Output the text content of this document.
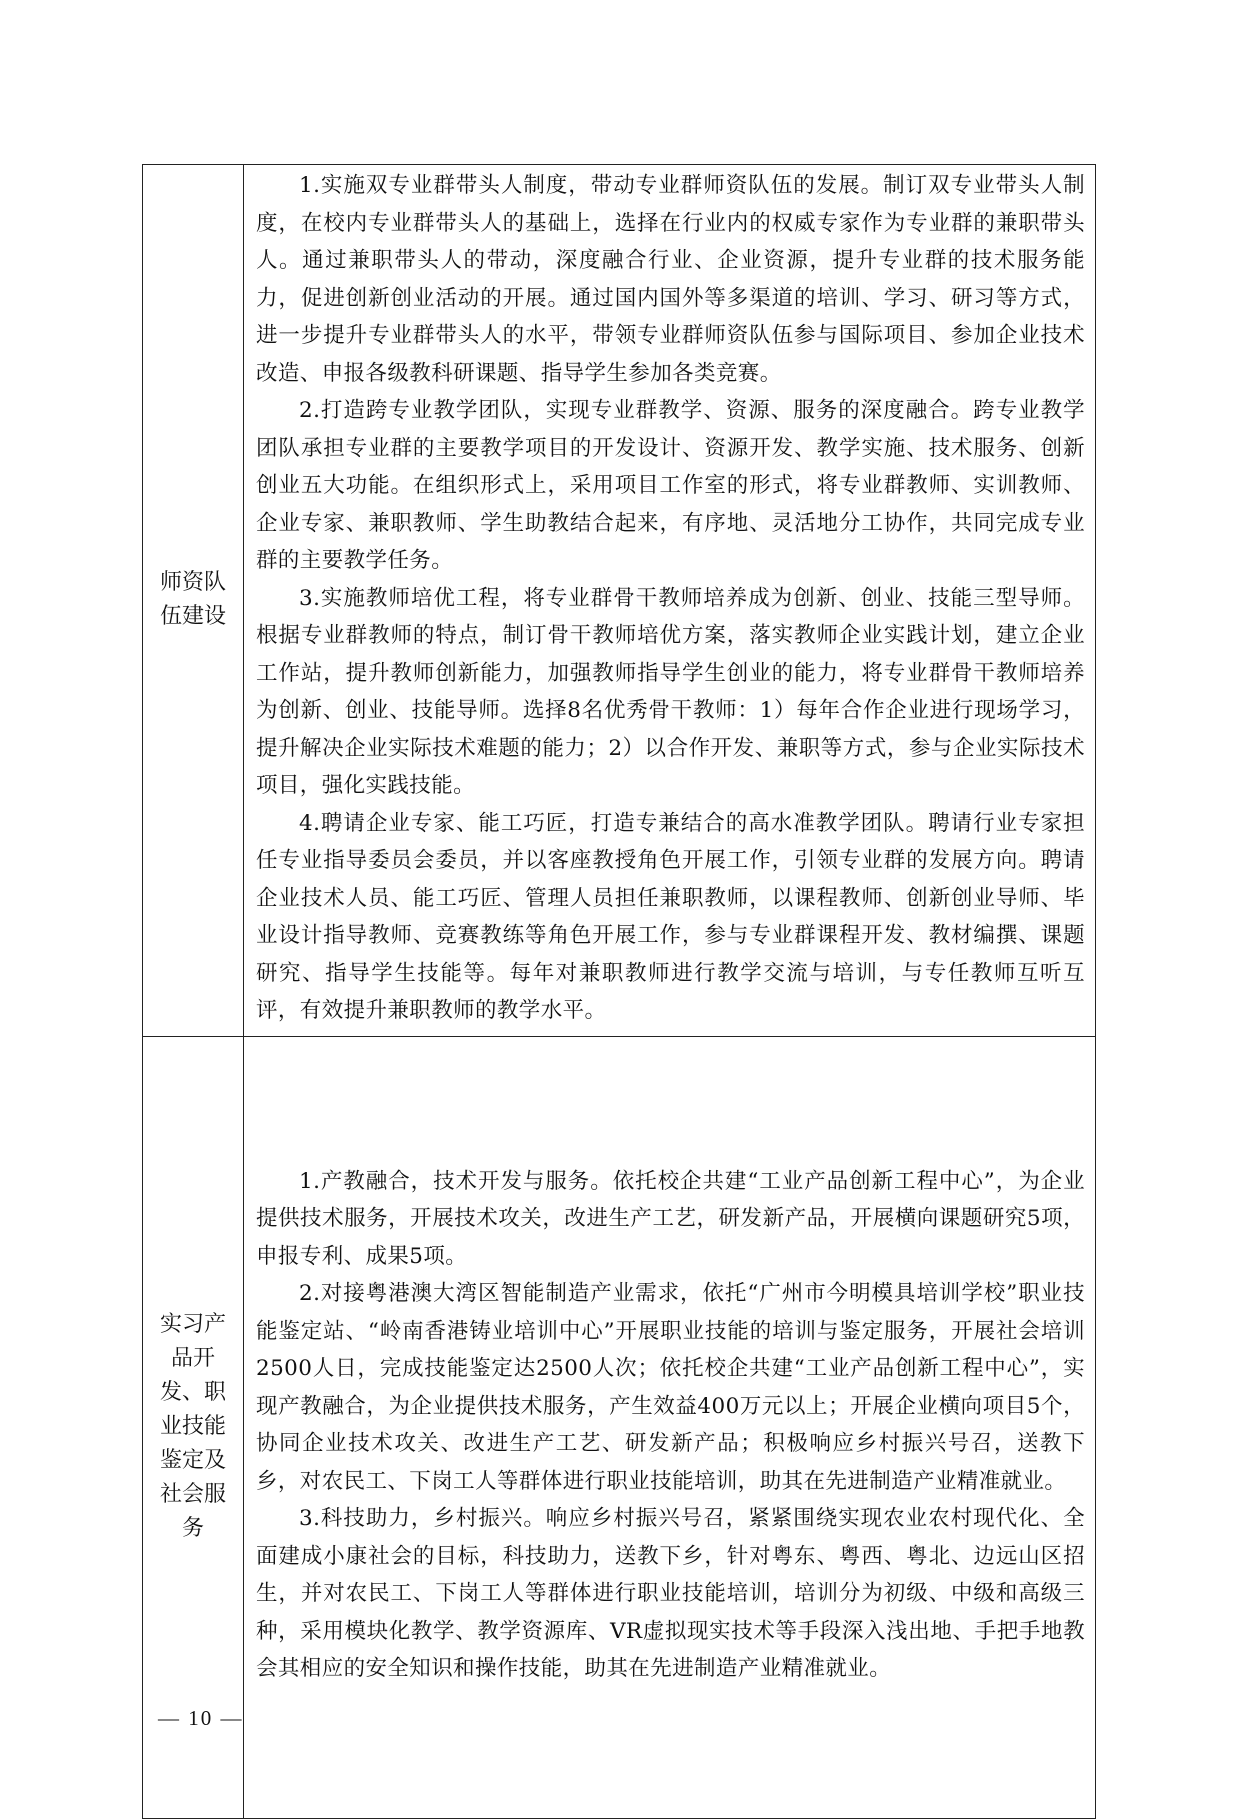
师资队伍建设	1.实施双专业群带头人制度，带动专业群师资队伍的发展。制订双专业带头人制度，在校内专业群带头人的基础上，选择在行业内的权威专家作为专业群的兼职带头人。通过兼职带头人的带动，深度融合行业、企业资源，提升专业群的技术服务能力，促进创新创业活动的开展。通过国内国外等多渠道的培训、学习、研习等方式，进一步提升专业群带头人的水平，带领专业群师资队伍参与国际项目、参加企业技术改造、申报各级教科研课题、指导学生参加各类竞赛。

2.打造跨专业教学团队，实现专业群教学、资源、服务的深度融合。跨专业教学团队承担专业群的主要教学项目的开发设计、资源开发、教学实施、技术服务、创新创业五大功能。在组织形式上，采用项目工作室的形式，将专业群教师、实训教师、企业专家、兼职教师、学生助教结合起来，有序地、灵活地分工协作，共同完成专业群的主要教学任务。

3.实施教师培优工程，将专业群骨干教师培养成为创新、创业、技能三型导师。根据专业群教师的特点，制订骨干教师培优方案，落实教师企业实践计划，建立企业工作站，提升教师创新能力，加强教师指导学生创业的能力，将专业群骨干教师培养为创新、创业、技能导师。选择8名优秀骨干教师：1）每年合作企业进行现场学习，提升解决企业实际技术难题的能力；2）以合作开发、兼职等方式，参与企业实际技术项目，强化实践技能。

4.聘请企业专家、能工巧匠，打造专兼结合的高水准教学团队。聘请行业专家担任专业指导委员会委员，并以客座教授角色开展工作，引领专业群的发展方向。聘请企业技术人员、能工巧匠、管理人员担任兼职教师，以课程教师、创新创业导师、毕业设计指导教师、竞赛教练等角色开展工作，参与专业群课程开发、教材编撰、课题研究、指导学生技能等。每年对兼职教师进行教学交流与培训，与专任教师互听互评，有效提升兼职教师的教学水平。

实习产品开发、职业技能鉴定及社会服务	1.产教融合，技术开发与服务。依托校企共建“工业产品创新工程中心”，为企业提供技术服务，开展技术攻关，改进生产工艺，研发新产品，开展横向课题研究5项，申报专利、成果5项。

2.对接粤港澳大湾区智能制造产业需求，依托“广州市今明模具培训学校”职业技能鉴定站、“岭南香港铸业培训中心”开展职业技能的培训与鉴定服务，开展社会培训2500人日，完成技能鉴定达2500人次；依托校企共建“工业产品创新工程中心”，实现产教融合，为企业提供技术服务，产生效益400万元以上；开展企业横向项目5个，协同企业技术攻关、改进生产工艺、研发新产品；积极响应乡村振兴号召，送教下乡，对农民工、下岗工人等群体进行职业技能培训，助其在先进制造产业精准就业。

3.科技助力，乡村振兴。响应乡村振兴号召，紧紧围绕实现农业农村现代化、全面建成小康社会的目标，科技助力，送教下乡，针对粤东、粤西、粤北、边远山区招生，并对农民工、下岗工人等群体进行职业技能培训，培训分为初级、中级和高级三种，采用模块化教学、教学资源库、VR虚拟现实技术等手段深入浅出地、手把手地教会其相应的安全知识和操作技能，助其在先进制造产业精准就业。

— 10 —
